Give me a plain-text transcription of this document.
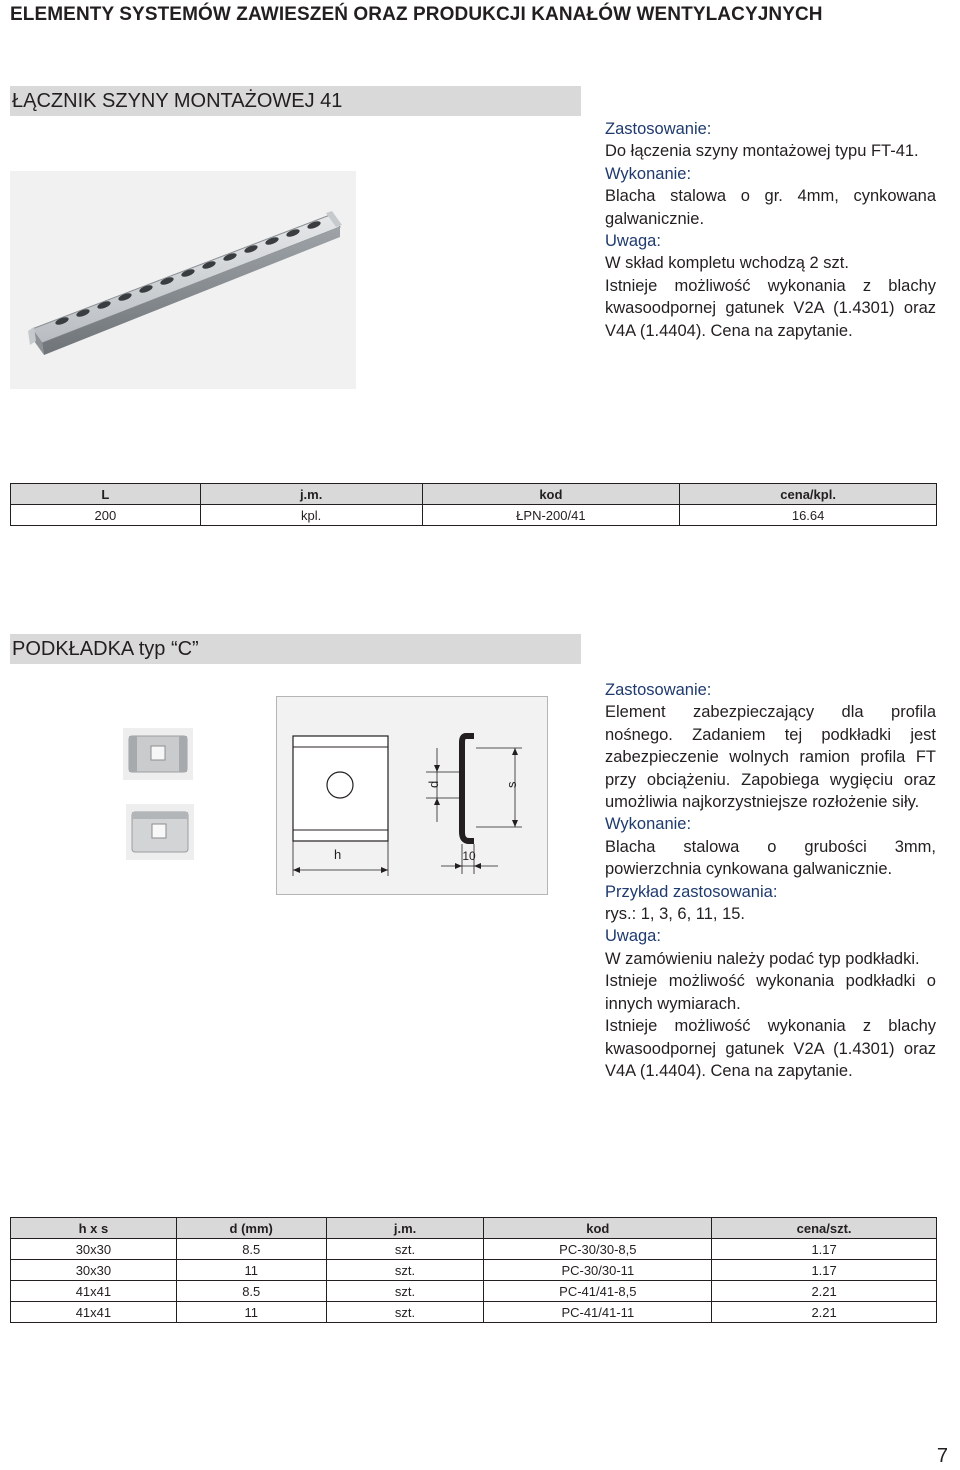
ELEMENTY SYSTEMÓW ZAWIESZEŃ ORAZ PRODUKCJI KANAŁÓW WENTYLACYJNYCH
ŁĄCZNIK SZYNY MONTAŻOWEJ 41

Zastosowanie:

Do łączenia szyny montażowej typu FT-41.

Wykonanie:

Blacha stalowa o gr. 4mm, cynkowana galwanicznie.

Uwaga:

W skład kompletu wchodzą 2 szt.

Istnieje możliwość wykonania z blachy kwasoodpornej gatunek V2A (1.4301) oraz V4A (1.4404). Cena na zapytanie.

L	j.m.	kod	cena/kpl.
200	kpl.	ŁPN-200/41	16.64
PODKŁADKA typ “C”
h
d	s
10

Zastosowanie:

Element zabezpieczający dla profila nośnego. Zadaniem tej podkładki jest zabezpieczenie wolnych ramion profila FT przy obciążeniu. Zapobiega wygięciu oraz umożliwia najkorzystniejsze rozłożenie siły.

Wykonanie:

Blacha stalowa o grubości 3mm, powierzchnia cynkowana galwanicznie.

Przykład zastosowania:

rys.: 1, 3, 6, 11, 15.

Uwaga:

W zamówieniu należy podać typ podkładki.

Istnieje możliwość wykonania podkładki o innych wymiarach.

Istnieje możliwość wykonania z blachy kwasoodpornej gatunek V2A (1.4301) oraz V4A (1.4404). Cena na zapytanie.

h x s	d (mm)	j.m.	kod	cena/szt.
30x30	8.5	szt.	PC-30/30-8,5	1.17
30x30	11	szt.	PC-30/30-11	1.17
41x41	8.5	szt.	PC-41/41-8,5	2.21
41x41	11	szt.	PC-41/41-11	2.21
7
